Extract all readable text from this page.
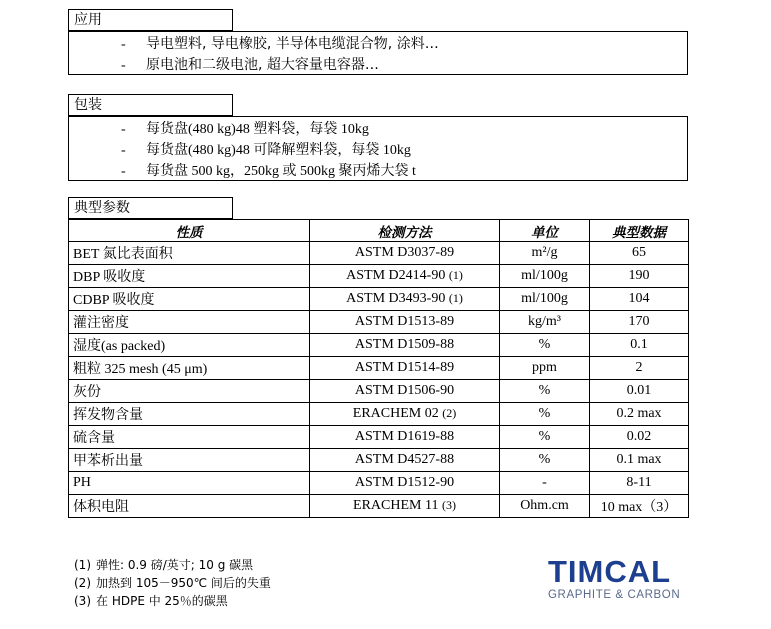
应用
- 导电塑料, 导电橡胶, 半导体电缆混合物, 涂料…
- 原电池和二级电池, 超大容量电容器…
包装
- 每货盘(480 kg)48 塑料袋，每袋 10kg
- 每货盘(480 kg)48 可降解塑料袋，每袋 10kg
- 每货盘 500 kg，250kg 或 500kg 聚丙烯大袋 t
典型参数
性质	检测方法	单位	典型数据
BET 氮比表面积	ASTM D3037-89	m²/g	65
DBP 吸收度	ASTM D2414-90 (1)	ml/100g	190
CDBP 吸收度	ASTM D3493-90 (1)	ml/100g	104
灌注密度	ASTM D1513-89	kg/m³	170
湿度(as packed)	ASTM D1509-88	%	0.1
粗粒 325 mesh (45 μm)	ASTM D1514-89	ppm	2
灰份	ASTM D1506-90	%	0.01
挥发物含量	ERACHEM 02 (2)	%	0.2 max
硫含量	ASTM D1619-88	%	0.02
甲苯析出量	ASTM D4527-88	%	0.1 max
PH	ASTM D1512-90	-	8-11
体积电阻	ERACHEM 11 (3)	Ohm.cm	10 max（3）
(1) 弹性: 0.9 磅/英寸; 10 g 碳黑
(2) 加热到 105－950℃ 间后的失重
(3) 在 HDPE 中 25％的碳黑
TIMCAL
GRAPHITE & CARBON
